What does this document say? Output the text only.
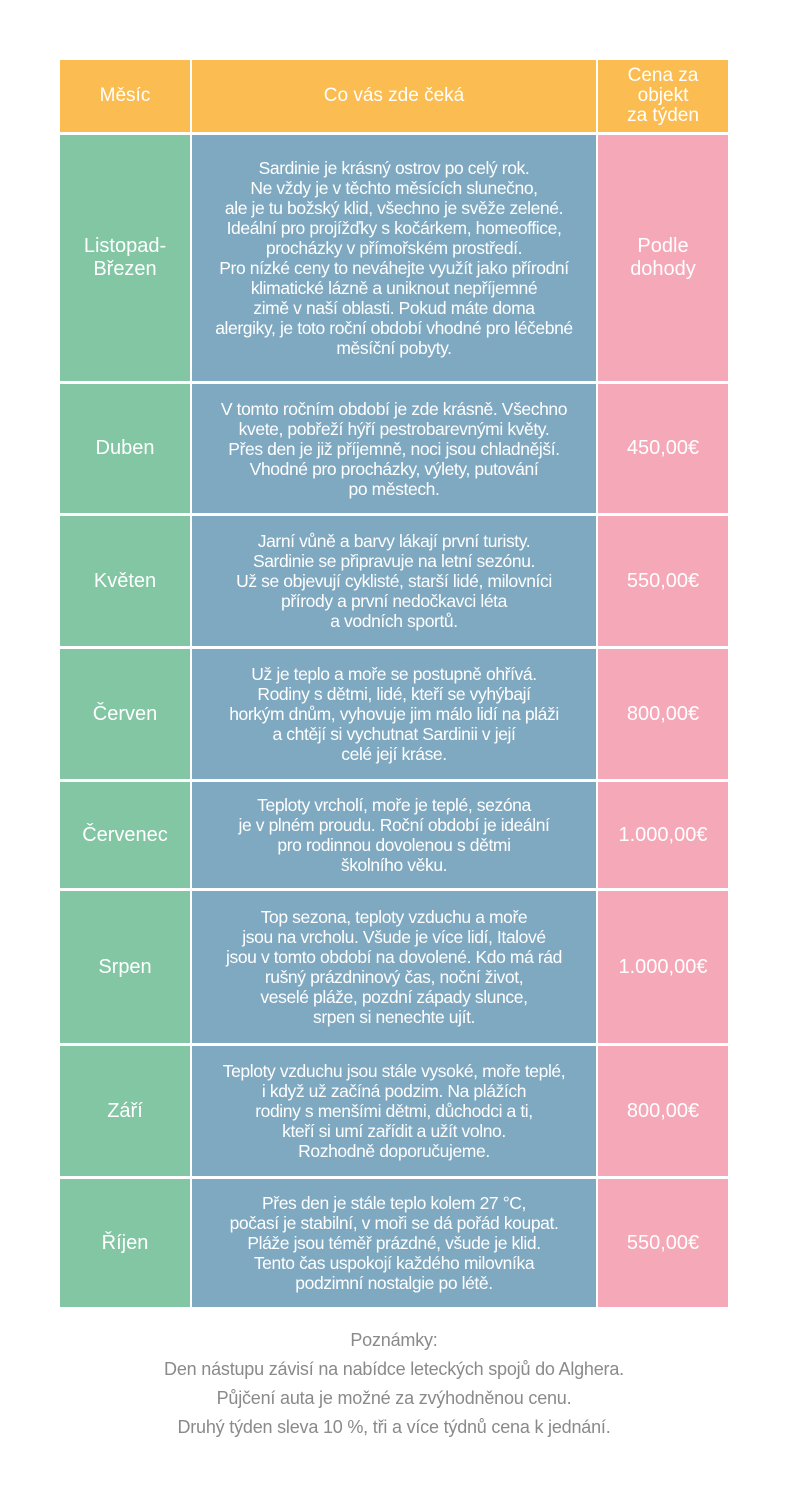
Měsíc	Co vás zde čeká
Cena za objekt
za týden
Listopad-
Březen
Sardinie je krásný ostrov po celý rok.
Ne vždy je v těchto měsících slunečno,
ale je tu božský klid, všechno je svěže zelené.
Ideální pro projížďky s kočárkem, homeoffice,
procházky v přímořském prostředí.
Pro nízké ceny to neváhejte využít jako přírodní
klimatické lázně a uniknout nepříjemné
zimě v naší oblasti. Pokud máte doma
alergiky, je toto roční období vhodné pro léčebné
měsíční pobyty.
Podle
dohody
Duben
V tomto ročním období je zde krásně. Všechno
kvete, pobřeží hýří pestrobarevnými květy.
Přes den je již příjemně, noci jsou chladnější.
Vhodné pro procházky, výlety, putování
po městech.
450,00€
Květen
Jarní vůně a barvy lákají první turisty.
Sardinie se připravuje na letní sezónu.
Už se objevují cyklisté, starší lidé, milovníci
přírody a první nedočkavci léta
a vodních sportů.
550,00€
Červen
Už je teplo a moře se postupně ohřívá.
Rodiny s dětmi, lidé, kteří se vyhýbají
horkým dnům, vyhovuje jim málo lidí na pláži
a chtějí si vychutnat Sardinii v její
celé její kráse.
800,00€
Červenec
Teploty vrcholí, moře je teplé, sezóna
je v plném proudu. Roční období je ideální
pro rodinnou dovolenou s dětmi
školního věku.
1.000,00€
Srpen
Top sezona, teploty vzduchu a moře
jsou na vrcholu. Všude je více lidí, Italové
jsou v tomto období na dovolené. Kdo má rád
rušný prázdninový čas, noční život,
veselé pláže, pozdní západy slunce,
srpen si nenechte ujít.
1.000,00€
Září
Teploty vzduchu jsou stále vysoké, moře teplé,
i když už začíná podzim. Na plážích
rodiny s menšími dětmi, důchodci a ti,
kteří si umí zařídit a užít volno.
Rozhodně doporučujeme.
800,00€
Říjen
Přes den je stále teplo kolem 27 °C,
počasí je stabilní, v moři se dá pořád koupat.
Pláže jsou téměř prázdné, všude je klid.
Tento čas uspokojí každého milovníka
podzimní nostalgie po létě.
550,00€
Poznámky:
Den nástupu závisí na nabídce leteckých spojů do Alghera.
Půjčení auta je možné za zvýhodněnou cenu.
Druhý týden sleva 10 %, tři a více týdnů cena k jednání.
